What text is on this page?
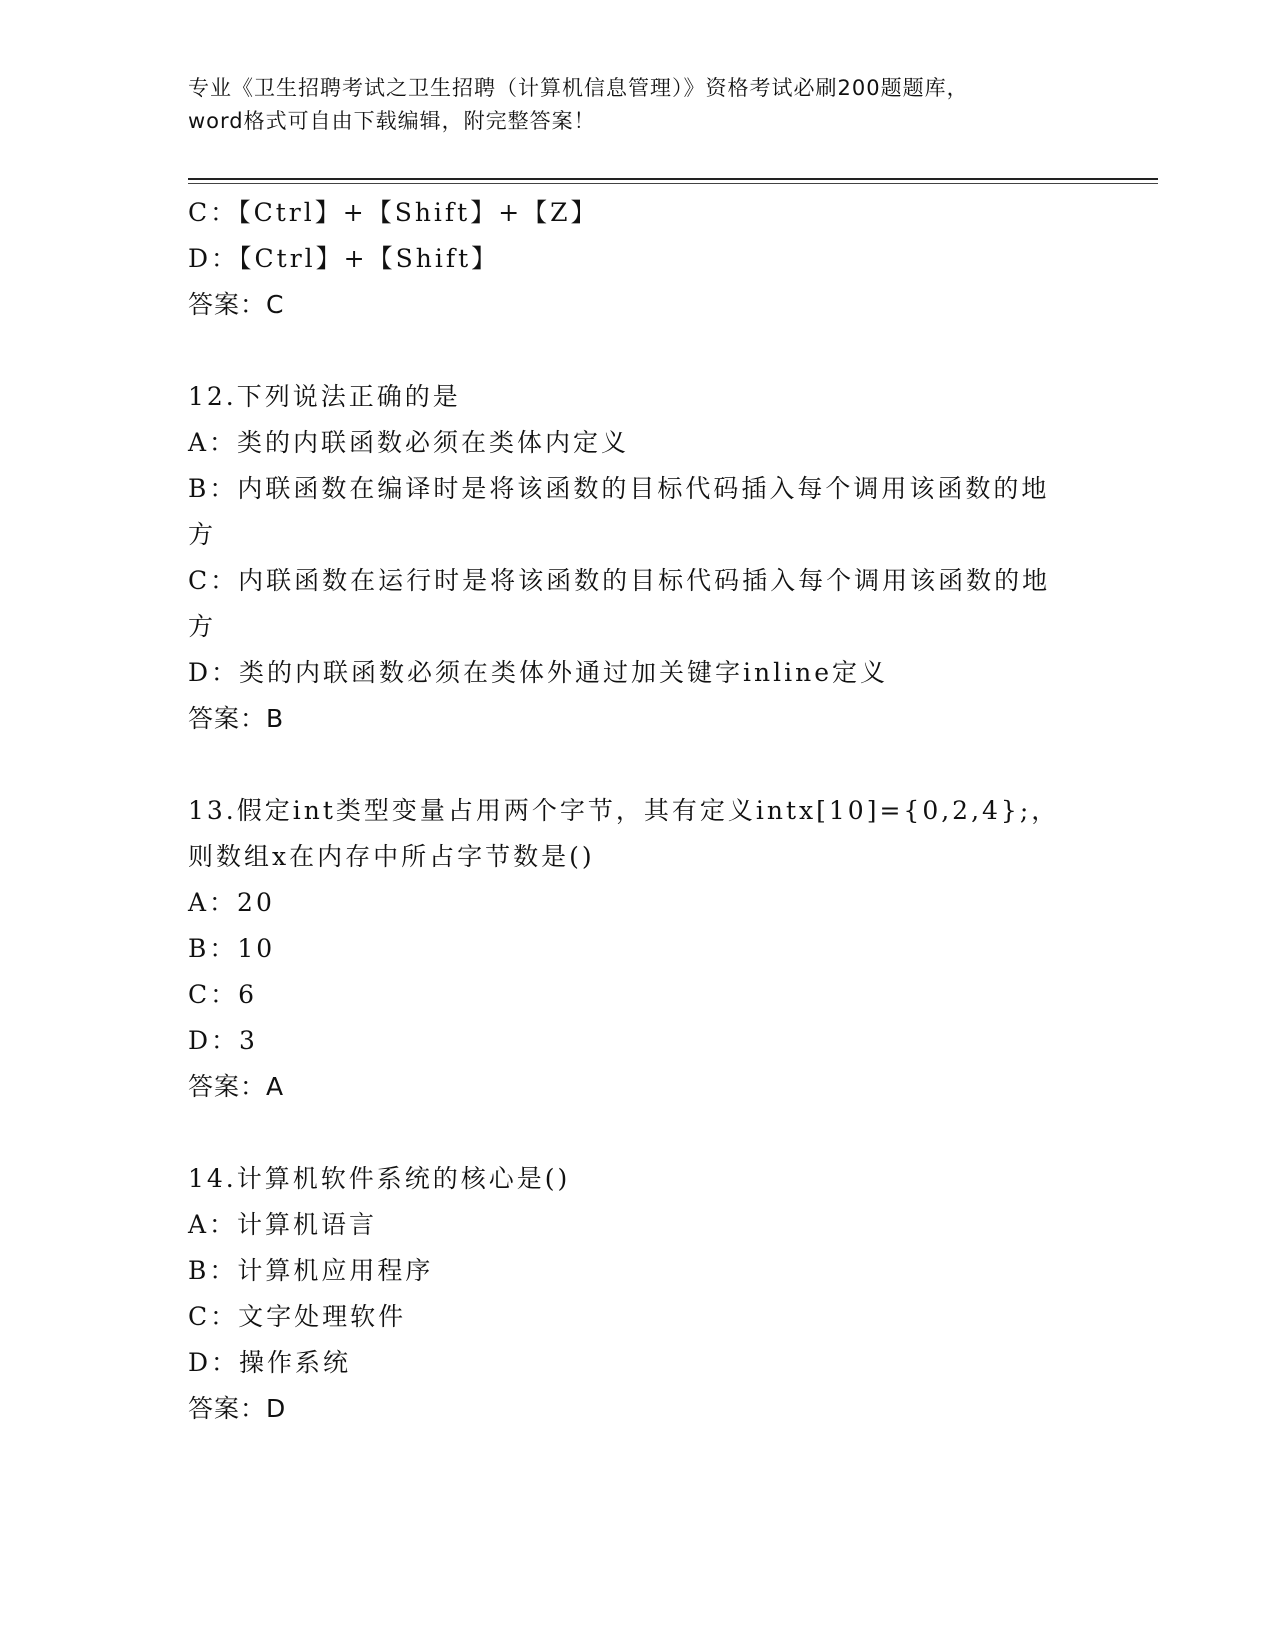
专业《卫生招聘考试之卫生招聘（计算机信息管理）》资格考试必刷200题题库，
word格式可自由下载编辑，附完整答案！
C：【Ctrl】+【Shift】+【Z】
D：【Ctrl】+【Shift】
答案：C
12.下列说法正确的是
A：类的内联函数必须在类体内定义
B：内联函数在编译时是将该函数的目标代码插入每个调用该函数的地
方
C：内联函数在运行时是将该函数的目标代码插入每个调用该函数的地
方
D：类的内联函数必须在类体外通过加关键字inline定义
答案：B
13.假定int类型变量占用两个字节，其有定义intx[10]={0,2,4};，
则数组x在内存中所占字节数是()
A：20
B：10
C：6
D：3
答案：A
14.计算机软件系统的核心是()
A：计算机语言
B：计算机应用程序
C：文字处理软件
D：操作系统
答案：D
